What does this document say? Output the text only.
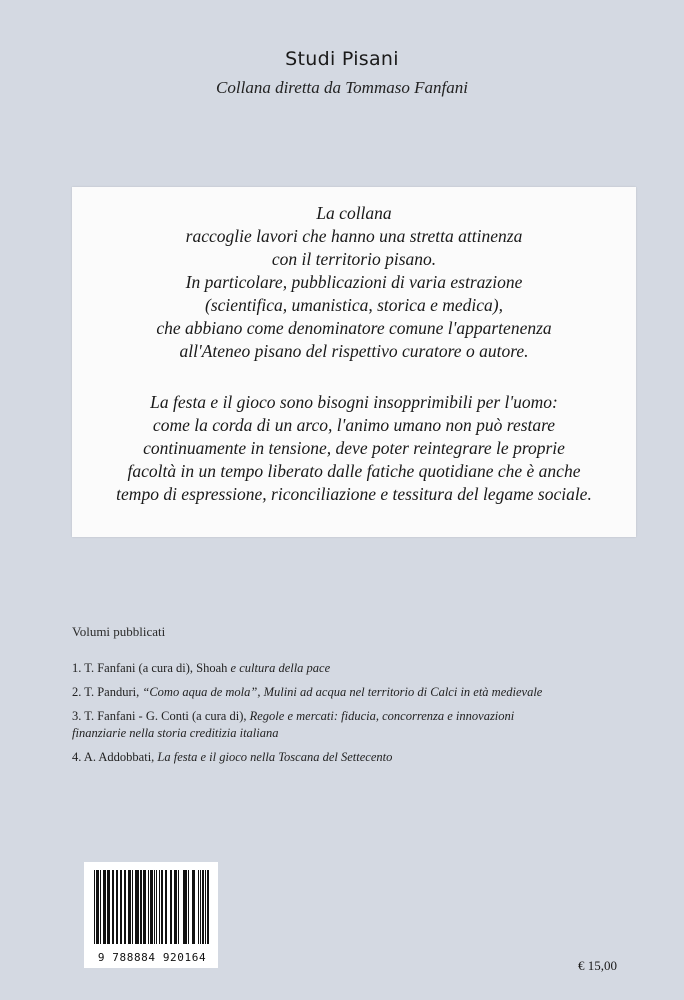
Studi Pisani
Collana diretta da Tommaso Fanfani

La collana
raccoglie lavori che hanno una stretta attinenza
con il territorio pisano.
In particolare, pubblicazioni di varia estrazione
(scientifica, umanistica, storica e medica),
che abbiano come denominatore comune l'appartenenza
all'Ateneo pisano del rispettivo curatore o autore.

La festa e il gioco sono bisogni insopprimibili per l'uomo:
come la corda di un arco, l'animo umano non può restare
continuamente in tensione, deve poter reintegrare le proprie
facoltà in un tempo liberato dalle fatiche quotidiane che è anche
tempo di espressione, riconciliazione e tessitura del legame sociale.

Volumi pubblicati
1. T. Fanfani (a cura di), Shoah e cultura della pace
2. T. Panduri, “Como aqua de mola”, Mulini ad acqua nel territorio di Calci in età medievale
3. T. Fanfani - G. Conti (a cura di), Regole e mercati: fiducia, concorrenza e innovazioni
finanziarie nella storia creditizia italiana
4. A. Addobbati, La festa e il gioco nella Toscana del Settecento
9 788884 920164
€ 15,00
